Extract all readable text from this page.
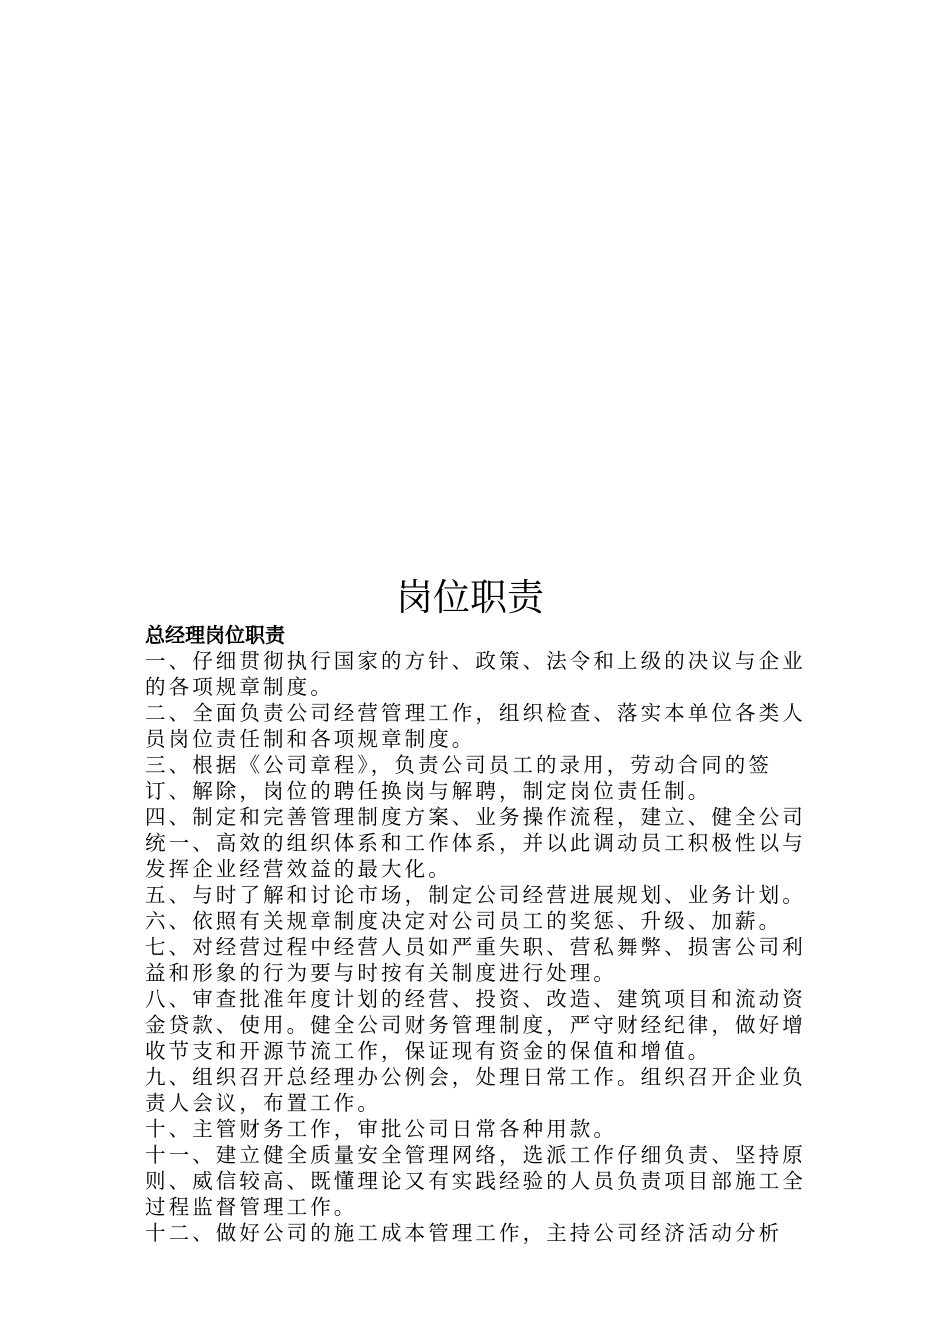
岗位职责

总经理岗位职责

一、仔细贯彻执行国家的方针、政策、法令和上级的决议与企业的各项规章制度。

二、全面负责公司经营管理工作，组织检查、落实本单位各类人员岗位责任制和各项规章制度。

三、根据《公司章程》，负责公司员工的录用，劳动合同的签订、解除，岗位的聘任换岗与解聘，制定岗位责任制。

四、制定和完善管理制度方案、业务操作流程，建立、健全公司统一、高效的组织体系和工作体系，并以此调动员工积极性以与发挥企业经营效益的最大化。

五、与时了解和讨论市场，制定公司经营进展规划、业务计划。

六、依照有关规章制度决定对公司员工的奖惩、升级、加薪。

七、对经营过程中经营人员如严重失职、营私舞弊、损害公司利益和形象的行为要与时按有关制度进行处理。

八、审查批准年度计划的经营、投资、改造、建筑项目和流动资金贷款、使用。健全公司财务管理制度，严守财经纪律，做好增收节支和开源节流工作，保证现有资金的保值和增值。

九、组织召开总经理办公例会，处理日常工作。组织召开企业负责人会议，布置工作。

十、主管财务工作，审批公司日常各种用款。

十一、建立健全质量安全管理网络，选派工作仔细负责、坚持原则、威信较高、既懂理论又有实践经验的人员负责项目部施工全过程监督管理工作。

十二、做好公司的施工成本管理工作，主持公司经济活动分析
